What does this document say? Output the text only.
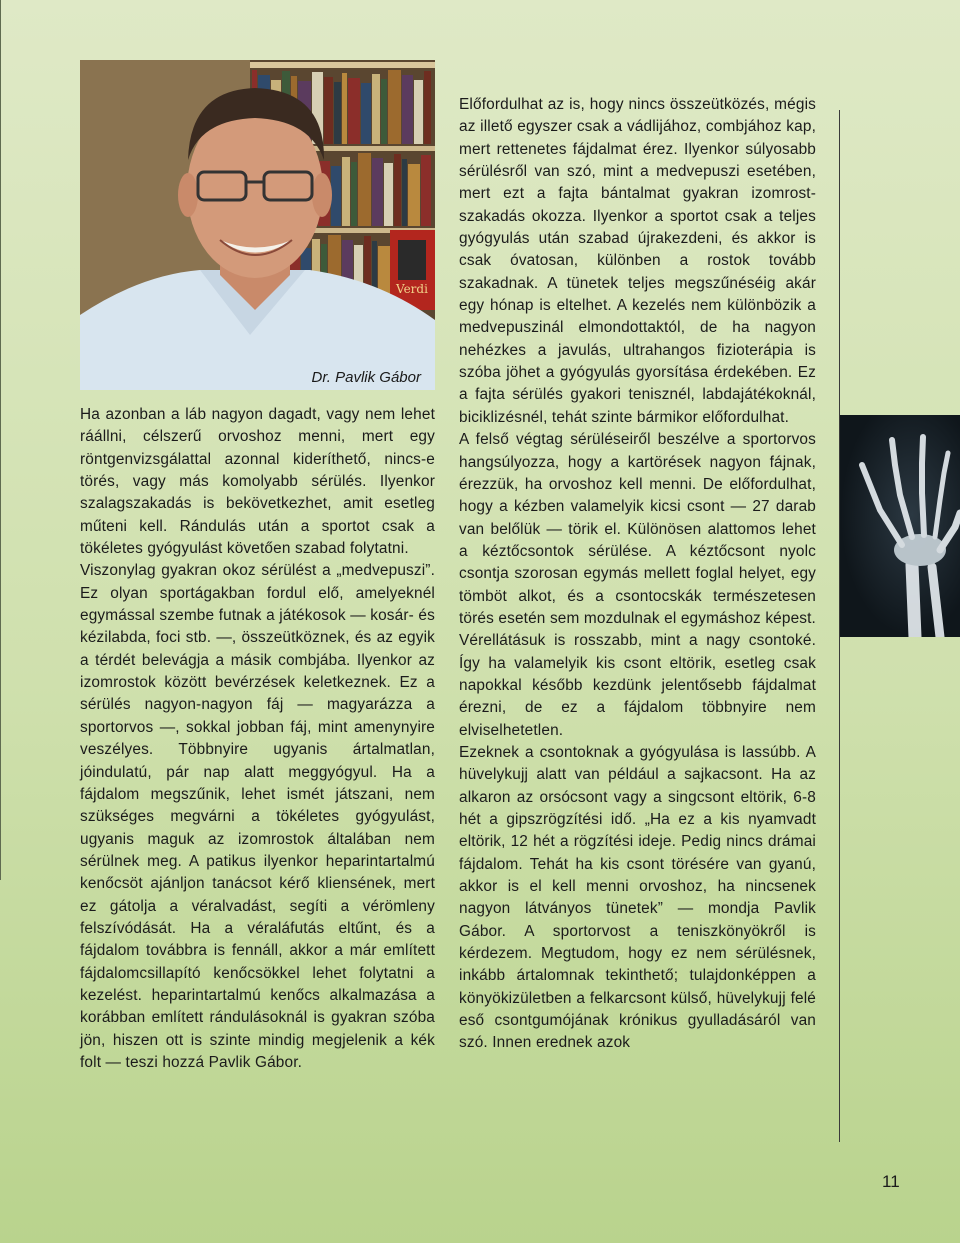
Verdi
Dr. Pavlik Gábor

Ha azonban a láb nagyon dagadt, vagy nem lehet ráállni, célszerű orvoshoz menni, mert egy röntgenvizsgálattal azonnal kideríthető, nincs-e törés, vagy más komolyabb sérülés. Ilyenkor szalagszakadás is bekövetkezhet, amit esetleg műteni kell. Rándulás után a sportot csak a tökéletes gyógyulást követően szabad folytatni.

Viszonylag gyakran okoz sérülést a „medvepuszi”. Ez olyan sportágakban fordul elő, amelyeknél egymással szembe futnak a játékosok — kosár- és kézilabda, foci stb. —, összeütköznek, és az egyik a térdét belevágja a másik combjába. Ilyenkor az izomrostok között bevérzések keletkeznek. Ez a sérülés nagyon-nagyon fáj — magyarázza a sportorvos —, sokkal jobban fáj, mint amenynyire veszélyes. Többnyire ugyanis ártalmatlan, jóindulatú, pár nap alatt meggyógyul. Ha a fájdalom megszűnik, lehet ismét játszani, nem szükséges megvárni a tökéletes gyógyulást, ugyanis maguk az izomrostok általában nem sérülnek meg. A patikus ilyenkor heparintartalmú kenőcsöt ajánljon tanácsot kérő kliensének, mert ez gátolja a véralvadást, segíti a vérömleny felszívódását. Ha a véraláfutás eltűnt, és a fájdalom továbbra is fennáll, akkor a már említett fájdalomcsillapító kenőcsökkel lehet folytatni a kezelést. heparintartalmú kenőcs alkalmazása a korábban említett rándulásoknál is gyakran szóba jön, hiszen ott is szinte mindig megjelenik a kék folt — teszi hozzá Pavlik Gábor.

Előfordulhat az is, hogy nincs összeütközés, mégis az illető egyszer csak a vádlijához, combjához kap, mert rettenetes fájdalmat érez. Ilyenkor súlyosabb sérülésről van szó, mint a medvepuszi esetében, mert ezt a fajta bántalmat gyakran izomrost-szakadás okozza. Ilyenkor a sportot csak a teljes gyógyulás után szabad újrakezdeni, és akkor is csak óvatosan, különben a rostok tovább szakadnak. A tünetek teljes megszűnéséig akár egy hónap is eltelhet. A kezelés nem különbözik a medvepuszinál elmondottaktól, de ha nagyon nehézkes a javulás, ultrahangos fizioterápia is szóba jöhet a gyógyulás gyorsítása érdekében. Ez a fajta sérülés gyakori tenisznél, labdajátékoknál, biciklizésnél, tehát szinte bármikor előfordulhat.

A felső végtag sérüléseiről beszélve a sportorvos hangsúlyozza, hogy a kartörések nagyon fájnak, érezzük, ha orvoshoz kell menni. De előfordulhat, hogy a kézben valamelyik kicsi csont — 27 darab van belőlük — törik el. Különösen alattomos lehet a kéztőcsontok sérülése. A kéztőcsont nyolc csontja szorosan egymás mellett foglal helyet, egy tömböt alkot, és a csontocskák természetesen törés esetén sem mozdulnak el egymáshoz képest. Vérellátásuk is rosszabb, mint a nagy csontoké. Így ha valamelyik kis csont eltörik, esetleg csak napokkal később kezdünk jelentősebb fájdalmat érezni, de ez a fájdalom többnyire nem elviselhetetlen.

Ezeknek a csontoknak a gyógyulása is lassúbb. A hüvelykujj alatt van például a sajkacsont. Ha az alkaron az orsócsont vagy a singcsont eltörik, 6-8 hét a gipszrögzítési idő. „Ha ez a kis nyamvadt eltörik, 12 hét a rögzítési ideje. Pedig nincs drámai fájdalom. Tehát ha kis csont törésére van gyanú, akkor is el kell menni orvoshoz, ha nincsenek nagyon látványos tünetek” — mondja Pavlik Gábor. A sportorvost a teniszkönyökről is kérdezem. Megtudom, hogy ez nem sérülésnek, inkább ártalomnak tekinthető; tulajdonképpen a könyökizületben a felkarcsont külső, hüvelykujj felé eső csontgumójának krónikus gyulladásáról van szó. Innen erednek azok

11
